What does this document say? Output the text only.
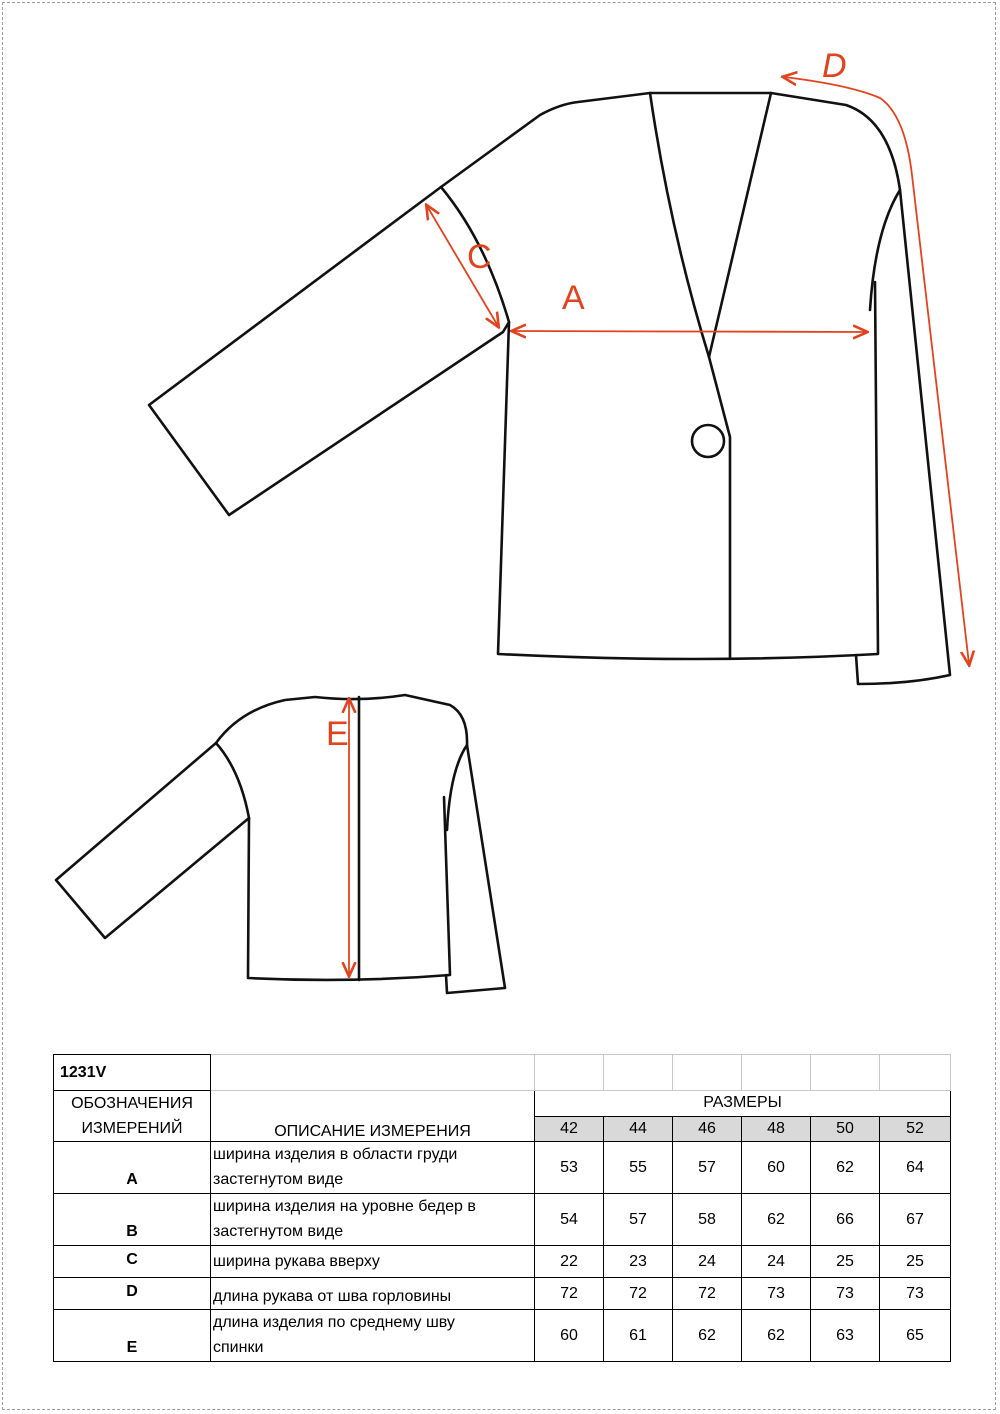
A
C
D
E
1231V							

ОБОЗНАЧЕНИЯ
ИЗМЕРЕНИЙ	ОПИСАНИЕ ИЗМЕРЕНИЯ	РАЗМЕРЫ					
		42	44	46	48	50	52
A	ширина изделия в области груди
застегнутом виде	53	55	57	60	62	64
B	ширина изделия на уровне бедер в
застегнутом виде	54	57	58	62	66	67
C	ширина рукава вверху	22	23	24	24	25	25
D	длина рукава от шва горловины	72	72	72	73	73	73
E	длина изделия по среднему шву
спинки	60	61	62	62	63	65
